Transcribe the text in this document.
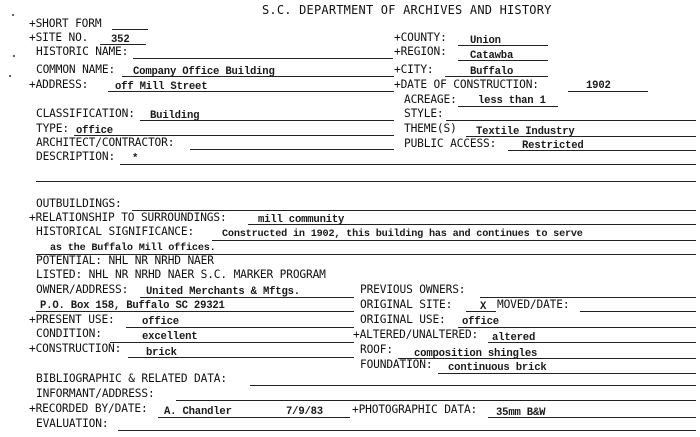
S.C. DEPARTMENT OF ARCHIVES AND HISTORY
+SHORT FORM
+SITE NO. 352	+COUNTY: Union
HISTORIC NAME:	+REGION: Catawba
COMMON NAME: Company Office Building	+CITY:	Buffalo
+ADDRESS:	off Mill Street	+DATE OF CONSTRUCTION:	1902
ACREAGE: less than 1
CLASSIFICATION: Building	STYLE:
TYPE: office	THEME(S) Textile Industry
ARCHITECT/CONTRACTOR:	PUBLIC ACCESS: Restricted
DESCRIPTION: *
OUTBUILDINGS:
+RELATIONSHIP TO SURROUNDINGS:	mill community
HISTORICAL SIGNIFICANCE:	Constructed in 1902, this building has and continues to serve
as the Buffalo Mill offices.
POTENTIAL: NHL NR NRHD NAER
LISTED: NHL NR NRHD NAER S.C. MARKER PROGRAM
OWNER/ADDRESS: United Merchants & Mftgs.	PREVIOUS OWNERS:
P.O. Box 158, Buffalo SC 29321	ORIGINAL SITE:	X MOVED/DATE:
+PRESENT USE:	office	ORIGINAL USE: office
CONDITION:	excellent	+ALTERED/UNALTERED: altered
+CONSTRUCTION: brick	ROOF: composition shingles
FOUNDATION: continuous brick
BIBLIOGRAPHIC & RELATED DATA:
INFORMANT/ADDRESS:
+RECORDED BY/DATE: A. Chandler	7/9/83	+PHOTOGRAPHIC DATA: 35mm B&W
EVALUATION:
